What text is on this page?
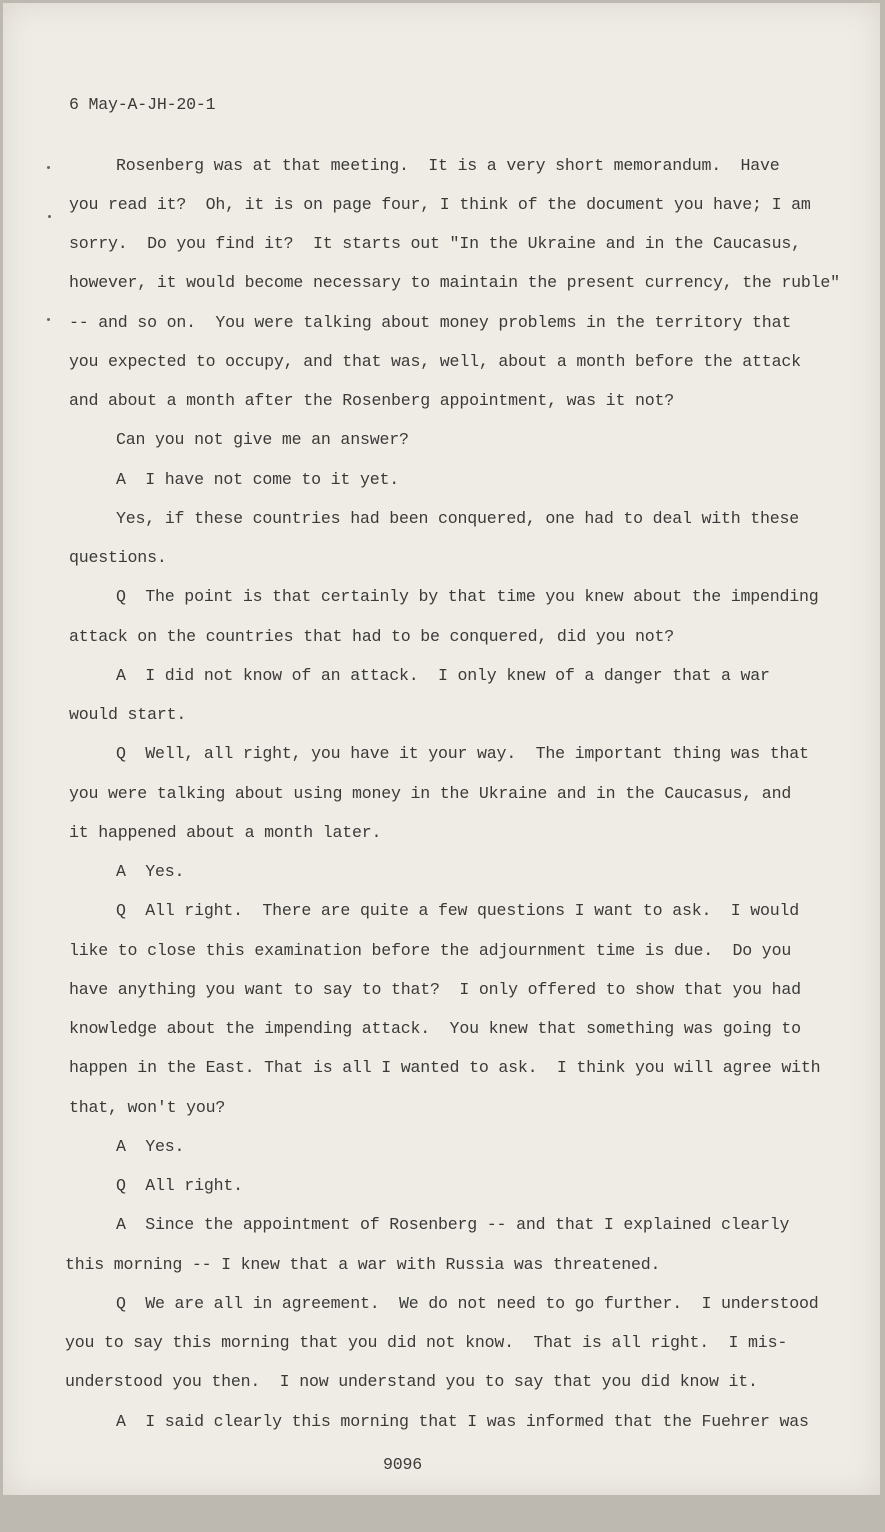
6 May-A-JH-20-1

Rosenberg was at that meeting.  It is a very short memorandum.  Have

you read it?  Oh, it is on page four, I think of the document you have; I am

sorry.  Do you find it?  It starts out "In the Ukraine and in the Caucasus,

however, it would become necessary to maintain the present currency, the ruble"

-- and so on.  You were talking about money problems in the territory that

you expected to occupy, and that was, well, about a month before the attack

and about a month after the Rosenberg appointment, was it not?

Can you not give me an answer?

A  I have not come to it yet.

Yes, if these countries had been conquered, one had to deal with these

questions.

Q  The point is that certainly by that time you knew about the impending

attack on the countries that had to be conquered, did you not?

A  I did not know of an attack.  I only knew of a danger that a war

would start.

Q  Well, all right, you have it your way.  The important thing was that

you were talking about using money in the Ukraine and in the Caucasus, and

it happened about a month later.

A  Yes.

Q  All right.  There are quite a few questions I want to ask.  I would

like to close this examination before the adjournment time is due.  Do you

have anything you want to say to that?  I only offered to show that you had

knowledge about the impending attack.  You knew that something was going to

happen in the East. That is all I wanted to ask.  I think you will agree with

that, won't you?

A  Yes.

Q  All right.

A  Since the appointment of Rosenberg -- and that I explained clearly

this morning -- I knew that a war with Russia was threatened.

Q  We are all in agreement.  We do not need to go further.  I understood

you to say this morning that you did not know.  That is all right.  I mis-

understood you then.  I now understand you to say that you did know it.

A  I said clearly this morning that I was informed that the Fuehrer was

9096
